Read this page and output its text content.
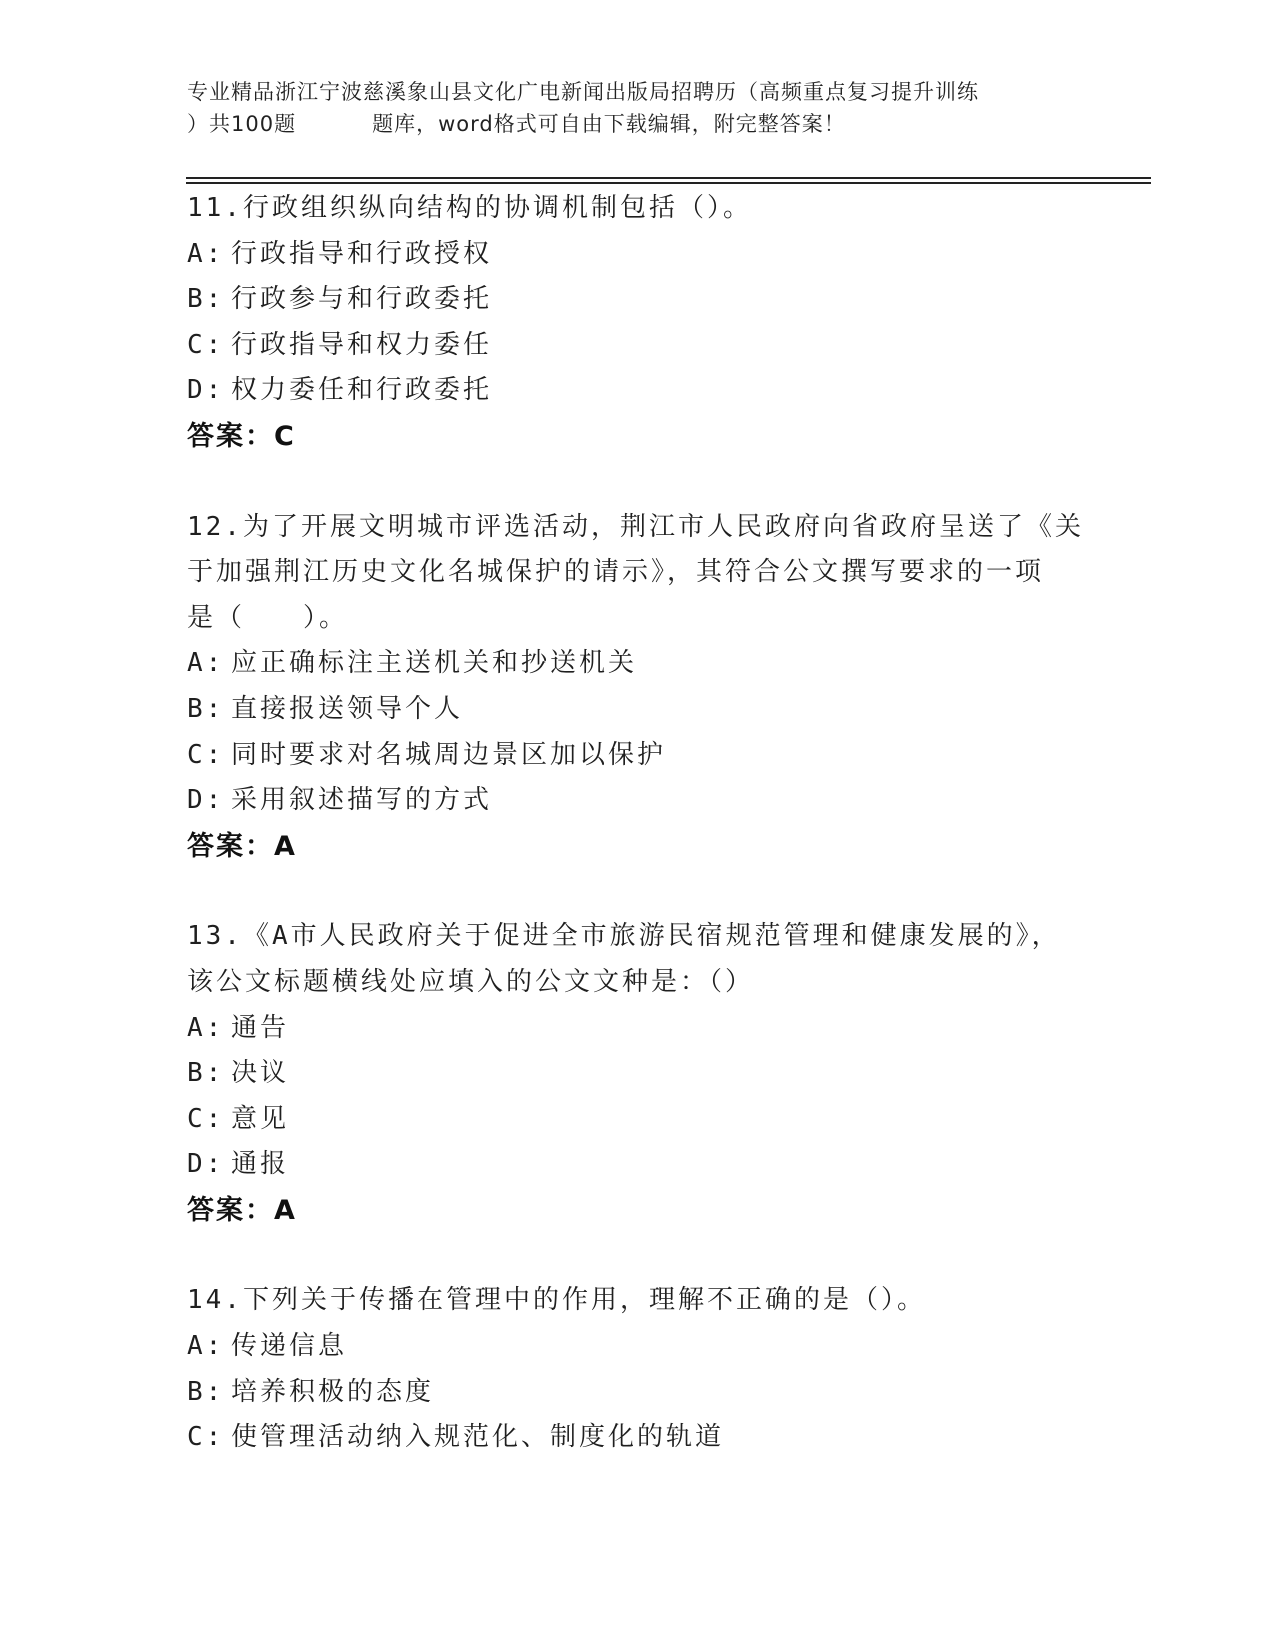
专业精品浙江宁波慈溪象山县文化广电新闻出版局招聘历（高频重点复习提升训练
）共100题	题库，word格式可自由下载编辑，附完整答案！
11.行政组织纵向结构的协调机制包括（）。
A: 行政指导和行政授权
B: 行政参与和行政委托
C: 行政指导和权力委任
D: 权力委任和行政委托
答案：C
12.为了开展文明城市评选活动，荆江市人民政府向省政府呈送了《关
于加强荆江历史文化名城保护的请示》，其符合公文撰写要求的一项
是（　　）。
A: 应正确标注主送机关和抄送机关
B: 直接报送领导个人
C: 同时要求对名城周边景区加以保护
D: 采用叙述描写的方式
答案：A
13.《A市人民政府关于促进全市旅游民宿规范管理和健康发展的》，
该公文标题横线处应填入的公文文种是：（）
A: 通告
B: 决议
C: 意见
D: 通报
答案：A
14.下列关于传播在管理中的作用，理解不正确的是（）。
A: 传递信息
B: 培养积极的态度
C: 使管理活动纳入规范化、制度化的轨道
